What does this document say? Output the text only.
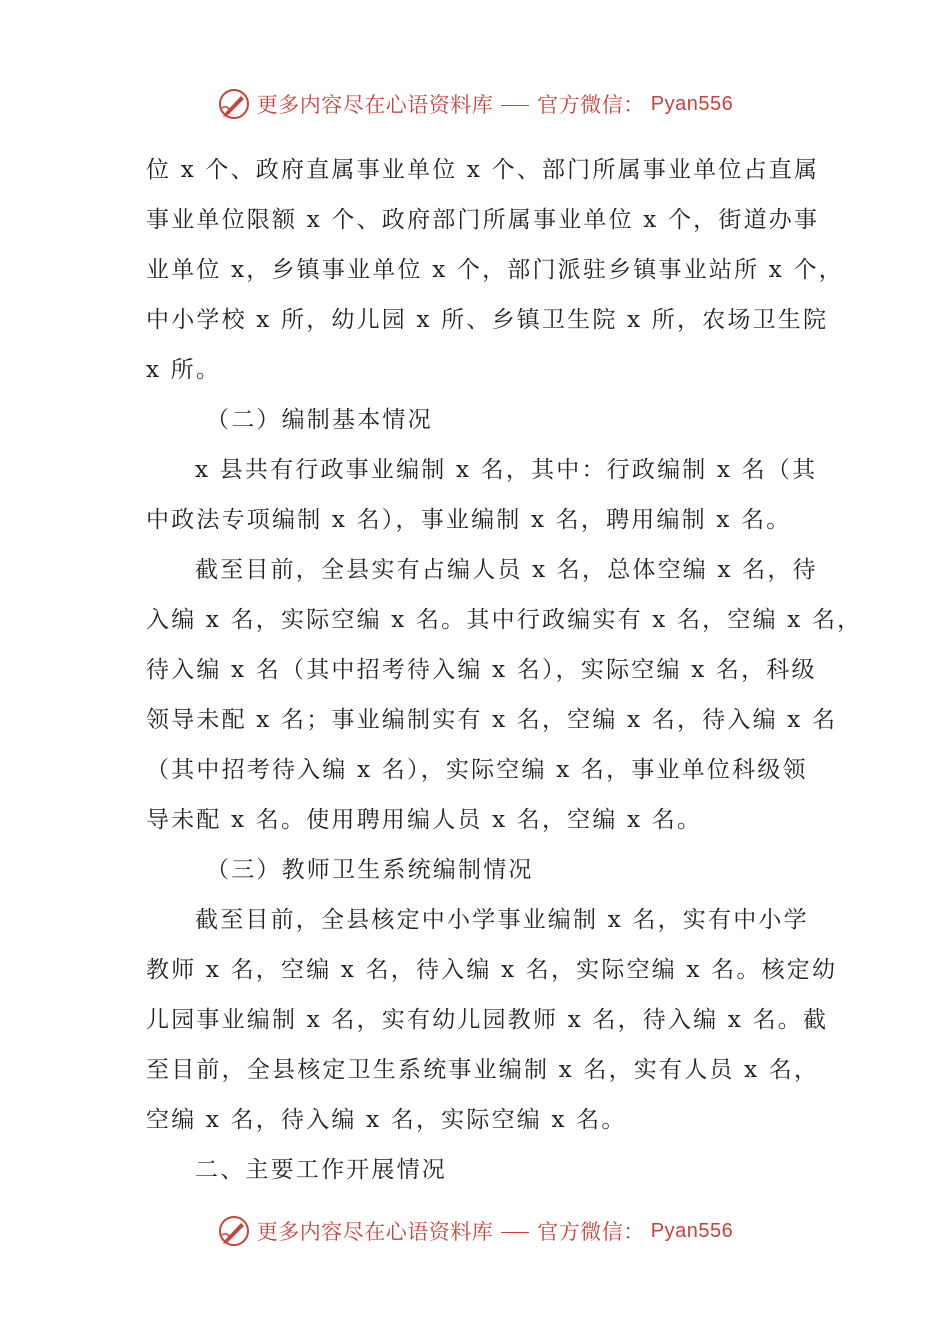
更多内容尽在心语资料库 官方微信： Pyan556
位 x 个、政府直属事业单位 x 个、部门所属事业单位占直属
事业单位限额 x 个、政府部门所属事业单位 x 个，街道办事
业单位 x，乡镇事业单位 x 个，部门派驻乡镇事业站所 x 个，
中小学校 x 所，幼儿园 x 所、乡镇卫生院 x 所，农场卫生院
x 所。
（二）编制基本情况
x 县共有行政事业编制 x 名，其中：行政编制 x 名（其
中政法专项编制 x 名），事业编制 x 名，聘用编制 x 名。
截至目前，全县实有占编人员 x 名，总体空编 x 名，待
入编 x 名，实际空编 x 名。其中行政编实有 x 名，空编 x 名，
待入编 x 名（其中招考待入编 x 名），实际空编 x 名，科级
领导未配 x 名；事业编制实有 x 名，空编 x 名，待入编 x 名
（其中招考待入编 x 名），实际空编 x 名，事业单位科级领
导未配 x 名。使用聘用编人员 x 名，空编 x 名。
（三）教师卫生系统编制情况
截至目前，全县核定中小学事业编制 x 名，实有中小学
教师 x 名，空编 x 名，待入编 x 名，实际空编 x 名。核定幼
儿园事业编制 x 名，实有幼儿园教师 x 名，待入编 x 名。截
至目前，全县核定卫生系统事业编制 x 名，实有人员 x 名，
空编 x 名，待入编 x 名，实际空编 x 名。
二、主要工作开展情况
更多内容尽在心语资料库 官方微信： Pyan556
